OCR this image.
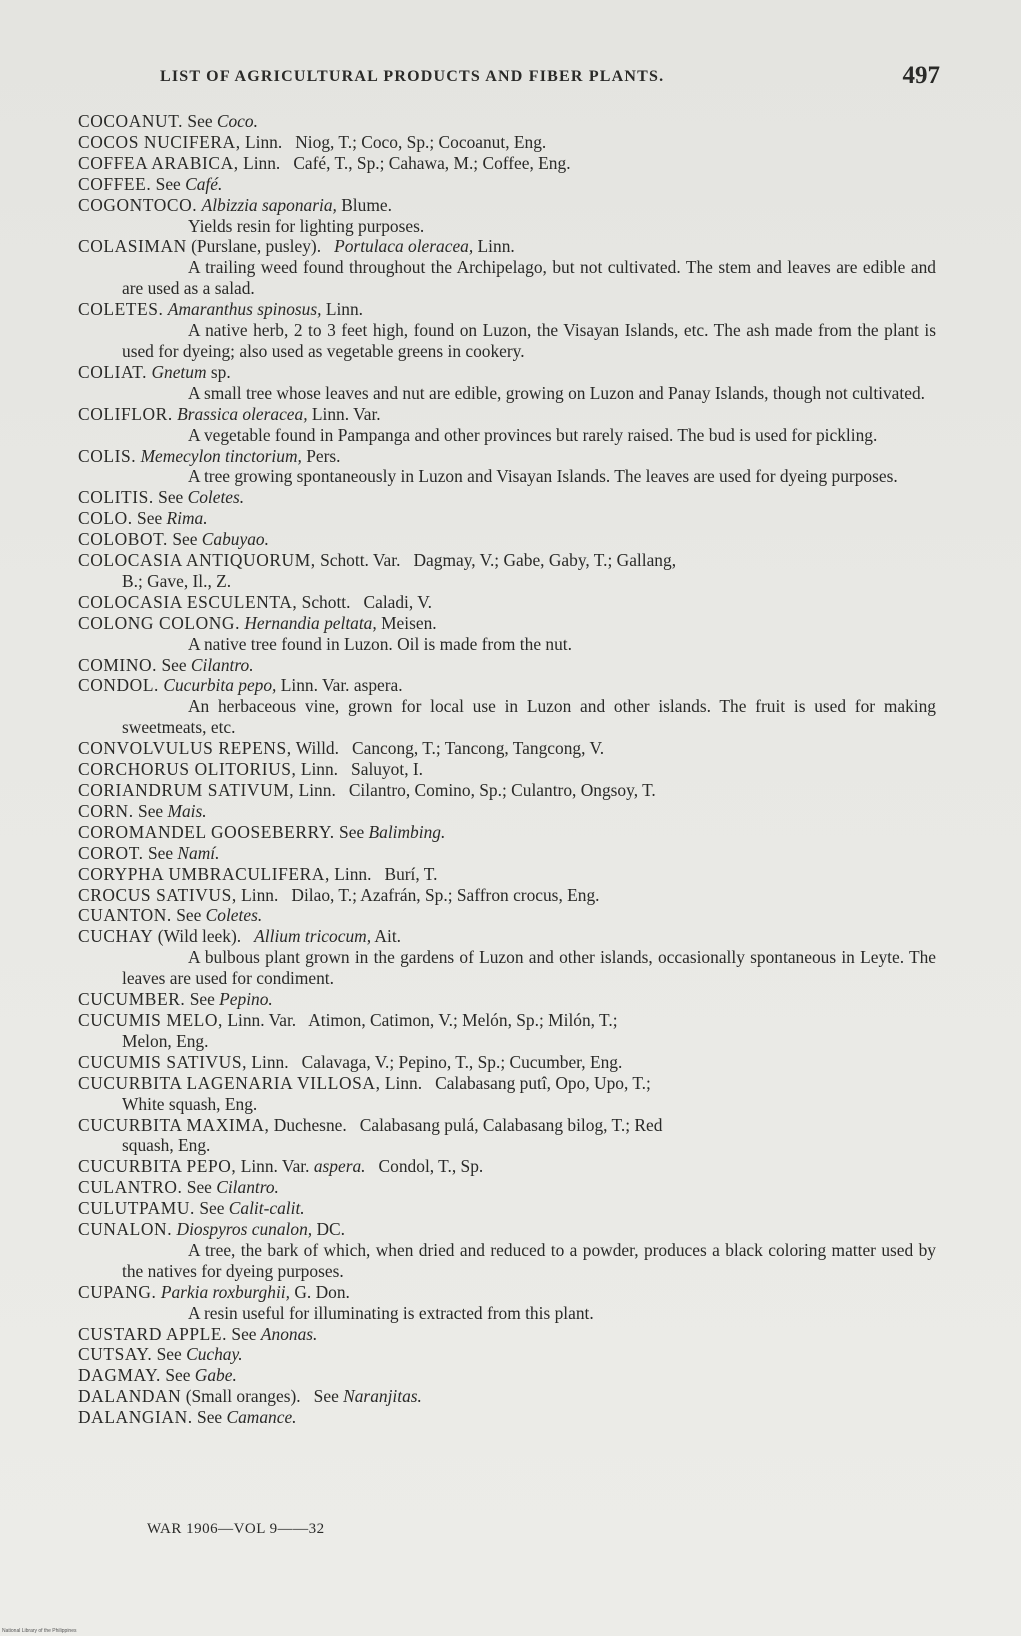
LIST OF AGRICULTURAL PRODUCTS AND FIBER PLANTS.	497
COCOANUT. See Coco.
COCOS NUCIFERA, Linn.   Niog, T.; Coco, Sp.; Cocoanut, Eng.
COFFEA ARABICA, Linn.   Café, T., Sp.; Cahawa, M.; Coffee, Eng.
COFFEE. See Café.
COGONTOCO. Albizzia saponaria, Blume.
Yields resin for lighting purposes.
COLASIMAN (Purslane, pusley).   Portulaca oleracea, Linn.
A trailing weed found throughout the Archipelago, but not cultivated. The stem and leaves are edible and are used as a salad.
COLETES. Amaranthus spinosus, Linn.
A native herb, 2 to 3 feet high, found on Luzon, the Visayan Islands, etc. The ash made from the plant is used for dyeing; also used as vegetable greens in cookery.
COLIAT. Gnetum sp.
A small tree whose leaves and nut are edible, growing on Luzon and Panay Islands, though not cultivated.
COLIFLOR. Brassica oleracea, Linn. Var.
A vegetable found in Pampanga and other provinces but rarely raised. The bud is used for pickling.
COLIS. Memecylon tinctorium, Pers.
A tree growing spontaneously in Luzon and Visayan Islands. The leaves are used for dyeing purposes.
COLITIS. See Coletes.
COLO. See Rima.
COLOBOT. See Cabuyao.
COLOCASIA ANTIQUORUM, Schott. Var.   Dagmay, V.; Gabe, Gaby, T.; Gallang,
B.; Gave, Il., Z.
COLOCASIA ESCULENTA, Schott.   Caladi, V.
COLONG COLONG. Hernandia peltata, Meisen.
A native tree found in Luzon. Oil is made from the nut.
COMINO. See Cilantro.
CONDOL. Cucurbita pepo, Linn. Var. aspera.
An herbaceous vine, grown for local use in Luzon and other islands. The fruit is used for making sweetmeats, etc.
CONVOLVULUS REPENS, Willd.   Cancong, T.; Tancong, Tangcong, V.
CORCHORUS OLITORIUS, Linn.   Saluyot, I.
CORIANDRUM SATIVUM, Linn.   Cilantro, Comino, Sp.; Culantro, Ongsoy, T.
CORN. See Mais.
COROMANDEL GOOSEBERRY. See Balimbing.
COROT. See Namí.
CORYPHA UMBRACULIFERA, Linn.   Burí, T.
CROCUS SATIVUS, Linn.   Dilao, T.; Azafrán, Sp.; Saffron crocus, Eng.
CUANTON. See Coletes.
CUCHAY (Wild leek).   Allium tricocum, Ait.
A bulbous plant grown in the gardens of Luzon and other islands, occasionally spontaneous in Leyte. The leaves are used for condiment.
CUCUMBER. See Pepino.
CUCUMIS MELO, Linn. Var.   Atimon, Catimon, V.; Melón, Sp.; Milón, T.;
Melon, Eng.
CUCUMIS SATIVUS, Linn.   Calavaga, V.; Pepino, T., Sp.; Cucumber, Eng.
CUCURBITA LAGENARIA VILLOSA, Linn.   Calabasang putî, Opo, Upo, T.;
White squash, Eng.
CUCURBITA MAXIMA, Duchesne.   Calabasang pulá, Calabasang bilog, T.; Red
squash, Eng.
CUCURBITA PEPO, Linn. Var. aspera.   Condol, T., Sp.
CULANTRO. See Cilantro.
CULUTPAMU. See Calit-calit.
CUNALON. Diospyros cunalon, DC.
A tree, the bark of which, when dried and reduced to a powder, produces a black coloring matter used by the natives for dyeing purposes.
CUPANG. Parkia roxburghii, G. Don.
A resin useful for illuminating is extracted from this plant.
CUSTARD APPLE. See Anonas.
CUTSAY. See Cuchay.
DAGMAY. See Gabe.
DALANDAN (Small oranges).   See Naranjitas.
DALANGIAN. See Camance.
WAR 1906—VOL 9——32
National Library of the Philippines
